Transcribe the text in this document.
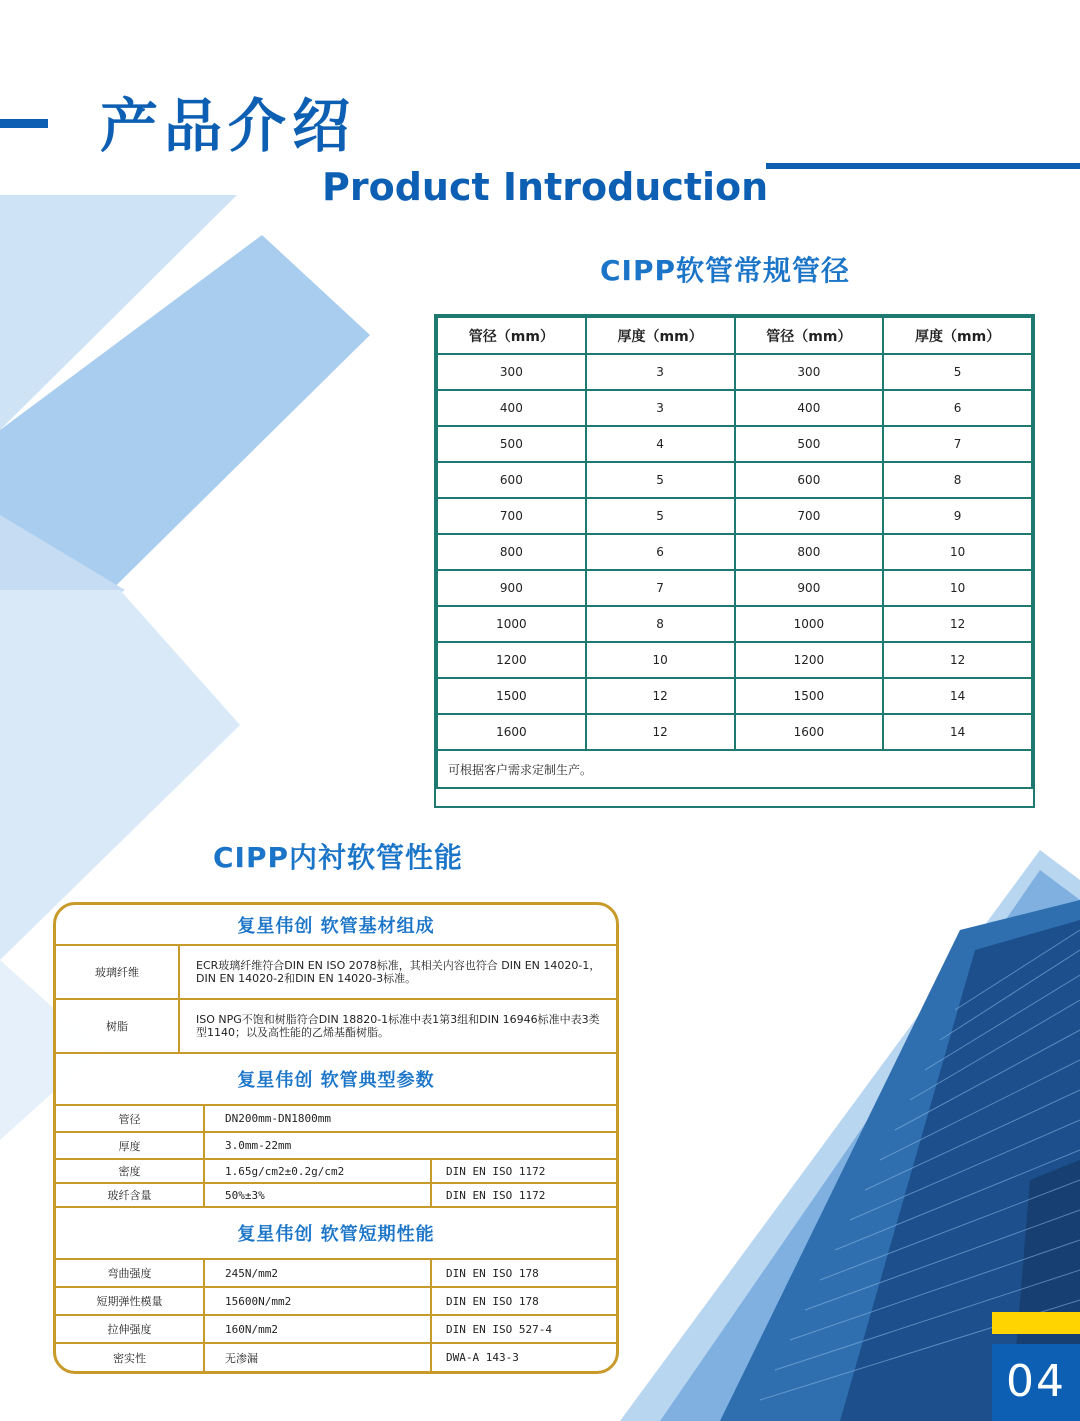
产品介绍
Product Introduction
CIPP软管常规管径
管径（mm）	厚度（mm）	管径（mm）	厚度（mm）
300	3	300	5
400	3	400	6
500	4	500	7
600	5	600	8
700	5	700	9
800	6	800	10
900	7	900	10
1000	8	1000	12
1200	10	1200	12
1500	12	1500	14
1600	12	1600	14
可根据客户需求定制生产。			
CIPP内衬软管性能
复星伟创 软管基材组成			
玻璃纤维	ECR玻璃纤维符合DIN EN ISO 2078标准，其相关内容也符合 DIN EN 14020-1，DIN EN 14020-2和DIN EN 14020-3标准。		
树脂	ISO NPG不饱和树脂符合DIN 18820-1标准中表1第3组和DIN 16946标准中表3类型1140；以及高性能的乙烯基酯树脂。		
复星伟创 软管典型参数			
管径		DN200mm-DN1800mm	
厚度		3.0mm-22mm	
密度		1.65g/cm2±0.2g/cm2	DIN EN ISO 1172
玻纤含量		50%±3%	DIN EN ISO 1172
复星伟创 软管短期性能			
弯曲强度		245N/mm2	DIN EN ISO 178
短期弹性模量		15600N/mm2	DIN EN ISO 178
拉伸强度		160N/mm2	DIN EN ISO 527-4
密实性		无渗漏	DWA-A 143-3	04
